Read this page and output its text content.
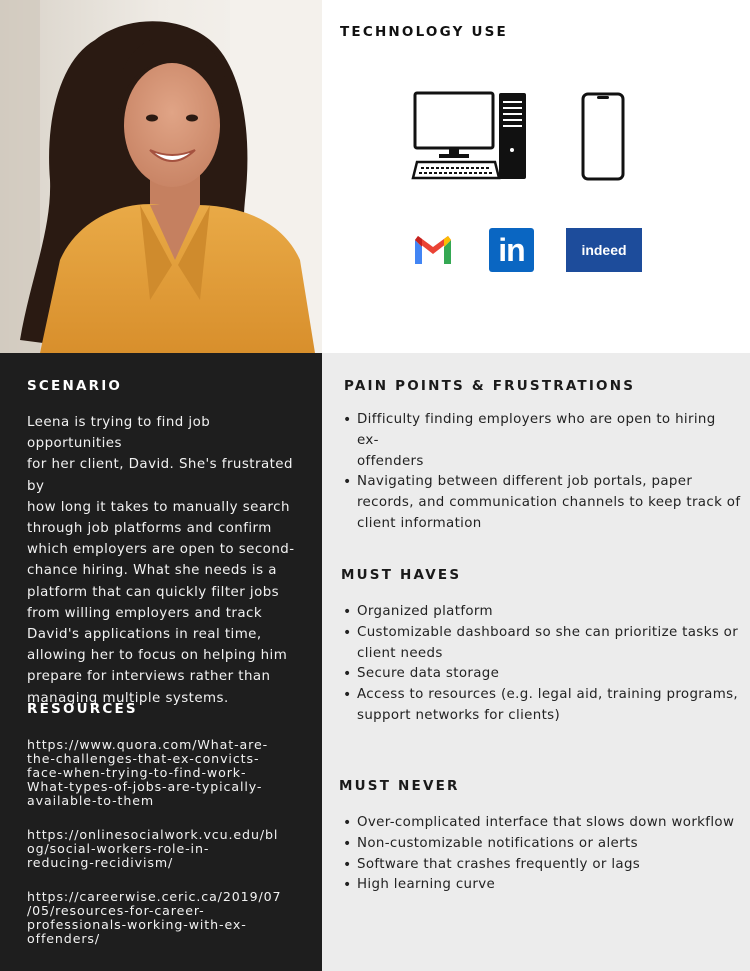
TECHNOLOGY USE
in	indeed
SCENARIO
Leena is trying to find job opportunities
for her client, David. She's frustrated by
how long it takes to manually search
through job platforms and confirm
which employers are open to second-
chance hiring. What she needs is a
platform that can quickly filter jobs
from willing employers and track
David's applications in real time,
allowing her to focus on helping him
prepare for interviews rather than
managing multiple systems.
RESOURCES
https://www.quora.com/What-are-
the-challenges-that-ex-convicts-
face-when-trying-to-find-work-
What-types-of-jobs-are-typically-
available-to-them
https://onlinesocialwork.vcu.edu/bl
og/social-workers-role-in-
reducing-recidivism/
https://careerwise.ceric.ca/2019/07
/05/resources-for-career-
professionals-working-with-ex-
offenders/
PAIN POINTS & FRUSTRATIONS
• Difficulty finding employers who are open to hiring ex-
offenders
• Navigating between different job portals, paper
records, and communication channels to keep track of
client information
MUST HAVES
• Organized platform
• Customizable dashboard so she can prioritize tasks or
client needs
• Secure data storage
• Access to resources (e.g. legal aid, training programs,
support networks for clients)
MUST NEVER
• Over-complicated interface that slows down workflow
• Non-customizable notifications or alerts
• Software that crashes frequently or lags
• High learning curve
